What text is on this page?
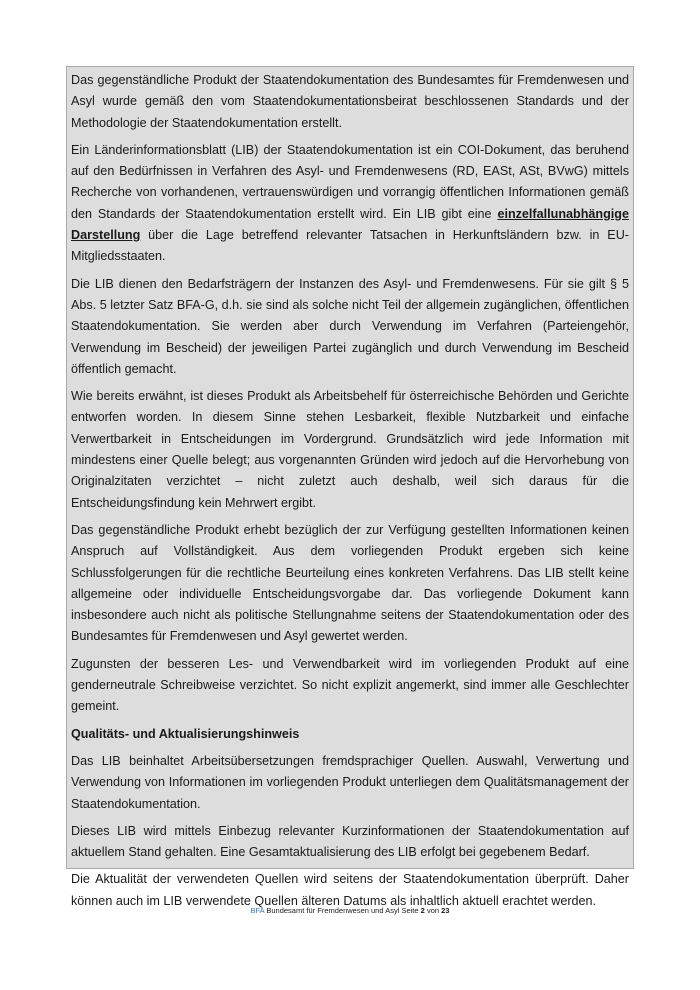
Das gegenständliche Produkt der Staatendokumentation des Bundesamtes für Fremdenwesen und Asyl wurde gemäß den vom Staatendokumentationsbeirat beschlossenen Standards und der Methodologie der Staatendokumentation erstellt.

Ein Länderinformationsblatt (LIB) der Staatendokumentation ist ein COI-Dokument, das beruhend auf den Bedürfnissen in Verfahren des Asyl- und Fremdenwesens (RD, EASt, ASt, BVwG) mittels Recherche von vorhandenen, vertrauenswürdigen und vorrangig öffentlichen Informationen gemäß den Standards der Staatendokumentation erstellt wird. Ein LIB gibt eine einzelfallunabhängige Darstellung über die Lage betreffend relevanter Tatsachen in Herkunftsländern bzw. in EU-Mitgliedsstaaten.

Die LIB dienen den Bedarfsträgern der Instanzen des Asyl- und Fremdenwesens. Für sie gilt § 5 Abs. 5 letzter Satz BFA-G, d.h. sie sind als solche nicht Teil der allgemein zugänglichen, öffentlichen Staatendokumentation. Sie werden aber durch Verwendung im Verfahren (Parteiengehör, Verwendung im Bescheid) der jeweiligen Partei zugänglich und durch Verwendung im Bescheid öffentlich gemacht.

Wie bereits erwähnt, ist dieses Produkt als Arbeitsbehelf für österreichische Behörden und Gerichte entworfen worden. In diesem Sinne stehen Lesbarkeit, flexible Nutzbarkeit und einfache Verwertbarkeit in Entscheidungen im Vordergrund. Grundsätzlich wird jede Information mit mindestens einer Quelle belegt; aus vorgenannten Gründen wird jedoch auf die Hervorhebung von Originalzitaten verzichtet – nicht zuletzt auch deshalb, weil sich daraus für die Entscheidungsfindung kein Mehrwert ergibt.

Das gegenständliche Produkt erhebt bezüglich der zur Verfügung gestellten Informationen keinen Anspruch auf Vollständigkeit. Aus dem vorliegenden Produkt ergeben sich keine Schlussfolgerungen für die rechtliche Beurteilung eines konkreten Verfahrens. Das LIB stellt keine allgemeine oder individuelle Entscheidungsvorgabe dar. Das vorliegende Dokument kann insbesondere auch nicht als politische Stellungnahme seitens der Staatendokumentation oder des Bundesamtes für Fremdenwesen und Asyl gewertet werden.

Zugunsten der besseren Les- und Verwendbarkeit wird im vorliegenden Produkt auf eine genderneutrale Schreibweise verzichtet. So nicht explizit angemerkt, sind immer alle Geschlechter gemeint.

Qualitäts- und Aktualisierungshinweis

Das LIB beinhaltet Arbeitsübersetzungen fremdsprachiger Quellen. Auswahl, Verwertung und Verwendung von Informationen im vorliegenden Produkt unterliegen dem Qualitätsmanagement der Staatendokumentation.

Dieses LIB wird mittels Einbezug relevanter Kurzinformationen der Staatendokumentation auf aktuellem Stand gehalten. Eine Gesamtaktualisierung des LIB erfolgt bei gegebenem Bedarf.

Die Aktualität der verwendeten Quellen wird seitens der Staatendokumentation überprüft. Daher können auch im LIB verwendete Quellen älteren Datums als inhaltlich aktuell erachtet werden.

BFA Bundesamt für Fremdenwesen und Asyl Seite 2 von 23
